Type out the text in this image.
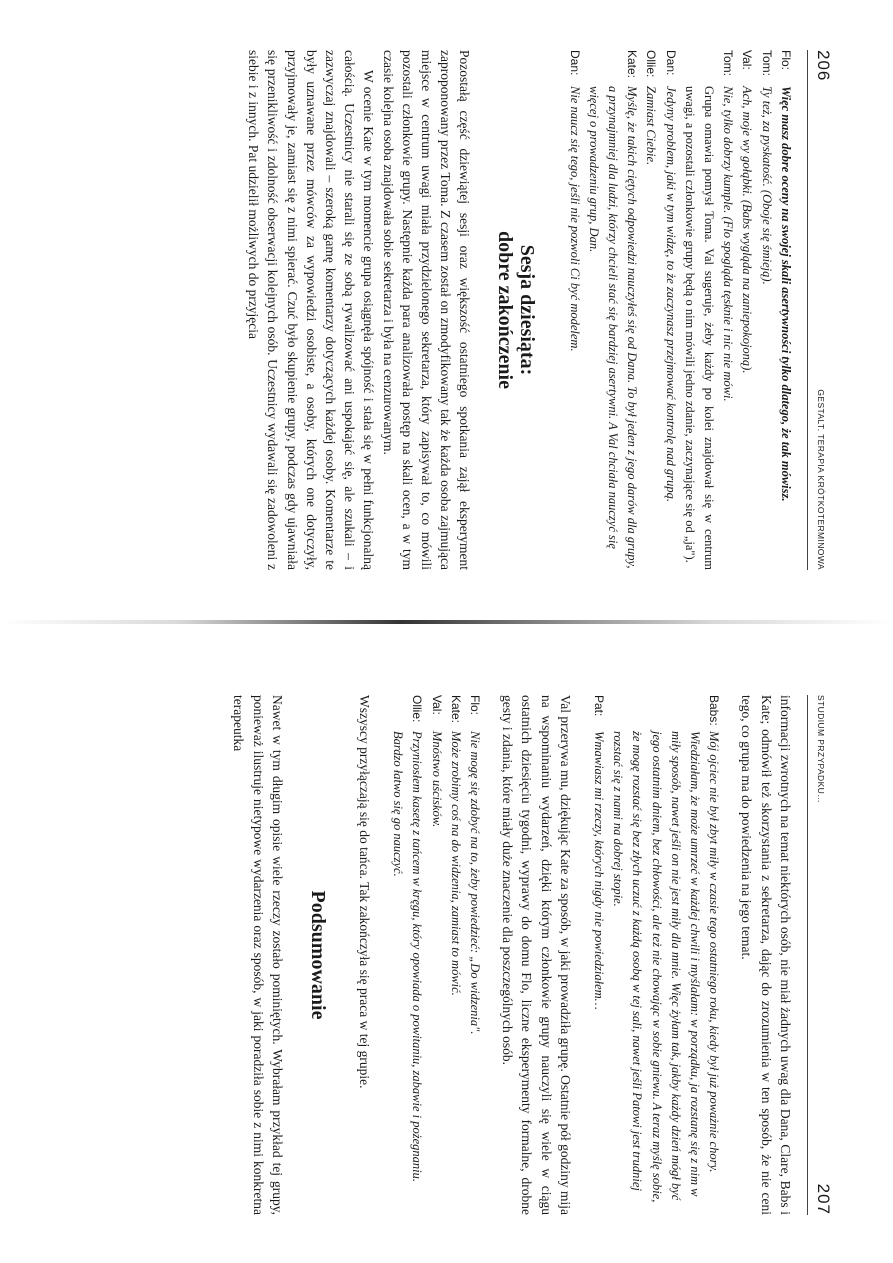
206
GESTALT. TERAPIA KRÓTKOTERMINOWA
Flo:
Więc masz dobre oceny na swojej skali asertywności tylko dlatego, że tak mówisz.
Tom:
Ty też, za pyskatość. (Obojе się śmieją).
Val:
Ach, moje wy gołąbki. (Babs wygląda na zaniepokojoną).
Tom:
Nie, tylko dobrzy kumple. (Flo spogląda tęsknie i nic nie mówi.

Grupa omawia pomysł Toma. Val sugeruje, żeby każdy po kolei znajdował się w centrum uwagi, a pozostali członkowie grupy będą o nim mówili jedno zdanie, zaczynające się od „ja").

Dan:
Jedyny problem, jaki w tym widzę, to że zaczynasz przejmować kontrolę nad grupą.
Ollie:
Zamiast Ciebie.
Kate:
Myślę, że takich ciętych odpowiedzi nauczyłeś się od Dana. To był jeden z jego darów dla grupy, a przynajmniej dla ludzi, którzy chcieli stać się bardziej asertywni. A Val chciała nauczyć się więcej o prowadzeniu grup, Dan.
Dan:
Nie naucz się tego, jeśli nie pozwoli Ci być modelem.
Sesja dziesiąta:
dobre zakończenie

Pozostałą część dziewiątej sesji oraz większość ostatniego spotkania zajął eksperyment zaproponowany przez Toma. Z czasem został on zmodyfikowany tak że każda osoba zajmująca miejsce w centrum uwagi miała przydzielonego sekretarza, który zapisywał to, co mówili pozostali członkowie grupy. Następnie każda para analizowała postęp na skali ocen, a w tym czasie kolejna osoba znajdowała sobie sekretarza i była na cenzurowanym.

W ocenie Kate w tym momencie grupa osiągnęła spójność i stała się w pełni funkcjonalną całością. Uczestnicy nie starali się ze sobą rywalizować ani uspokajać się, ale szukali – i zazwyczaj znajdowali – szeroką gamę komentarzy dotyczących każdej osoby. Komentarze te były uznawane przez mówców za wypowiedzi osobiste, a osoby, których one dotyczyły, przyjmowały je, zamiast się z nimi spierać. Czuć było skupienie grupy, podczas gdy ujawniała się przenikliwość i zdolność obserwacji kolejnych osób. Uczestnicy wydawali się zadowoleni z siebie i z innych. Pat udzielił możliwych do przyjęcia

STUDIUM PRZYPADKU…
207

informacji zwrotnych na temat niektórych osób, nie miał żadnych uwag dla Dana, Clare, Babs i Kate; odmówił też skorzystania z sekretarza, dając do zrozumienia w ten sposób, że nie ceni tego, co grupa ma do powiedzenia na jego temat.

Babs:
Mój ojciec nie był zbyt miły w czasie tego ostatniego roku, kiedy był już poważnie chory. Wiedziałam, że może umrzeć w każdej chwili i myślałam: w porządku, ja rozstanę się z nim w miły sposób, nawet jeśli on nie jest miły dla mnie. Więc żyłam tak, jakby każdy dzień mógł być jego ostatnim dniem, bez chłowości, ale też nie chowając w sobie gniewu. A teraz myślę sobie, że mogę rozstać się bez złych uczuć z każdą osobą w tej sali, nawet jeśli Patowi jest trudniej rozstać się z nami na dobrej stopie.
Pat:
Wmawiasz mi rzeczy, których nigdy nie powiedziałem…

Val przerywa mu, dziękując Kate za sposób, w jaki prowadziła grupę. Ostatnie pół godziny mija na wspominaniu wydarzeń, dzięki którym członkowie grupy nauczyli się wiele w ciągu ostatnich dziesięciu tygodni, wyprawy do domu Flo, liczne eksperymenty formalne, drobne gesty i zdania, które miały duże znaczenie dla poszczególnych osób.

Flo:
Nie mogę się zdobyć na to, żeby powiedzieć: „Do widzenia".
Kate:
Może zrobimy coś na do widzenia, zamiast to mówić.
Val:
Mnóstwo uścisków.
Ollie:
Przyniosłem kasetę z tańcem w kręgu, który opowiada o powitaniu, zabawie i pożegnaniu. Bardzo łatwo się go nauczyć.

Wszyscy przyłączają się do tańca. Tak zakończyła się praca w tej grupie.

Podsumowanie

Nawet w tym długim opisie wiele rzeczy zostało pominiętych. Wybrałam przykład tej grupy, ponieważ ilustruje nietypowe wydarzenia oraz sposób, w jaki poradziła sobie z nimi konkretna terapeutka
